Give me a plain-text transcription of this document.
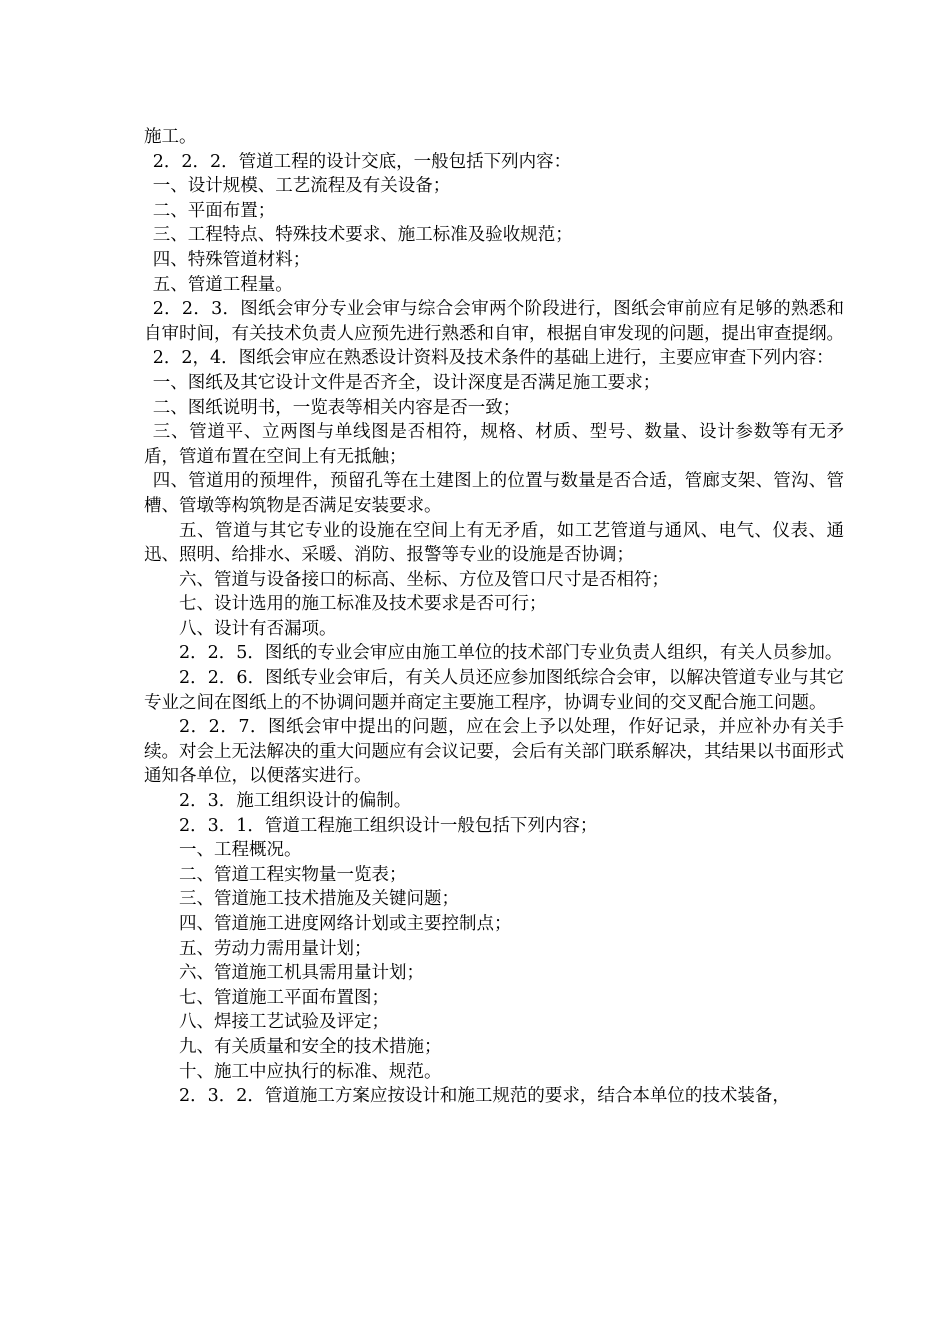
施工。

2．2．2．管道工程的设计交底，一般包括下列内容：

一、设计规模、工艺流程及有关设备；

二、平面布置；

三、工程特点、特殊技术要求、施工标准及验收规范；

四、特殊管道材料；

五、管道工程量。

2．2．3．图纸会审分专业会审与综合会审两个阶段进行，图纸会审前应有足够的熟悉和自审时间，有关技术负责人应预先进行熟悉和自审，根据自审发现的问题，提出审查提纲。

2．2，4．图纸会审应在熟悉设计资料及技术条件的基础上进行，主要应审查下列内容：

一、图纸及其它设计文件是否齐全，设计深度是否满足施工要求；

二、图纸说明书，一览表等相关内容是否一致；

三、管道平、立两图与单线图是否相符，规格、材质、型号、数量、设计参数等有无矛盾，管道布置在空间上有无抵触；

四、管道用的预埋件，预留孔等在土建图上的位置与数量是否合适，管廊支架、管沟、管槽、管墩等构筑物是否满足安装要求。

五、管道与其它专业的设施在空间上有无矛盾，如工艺管道与通风、电气、仪表、通迅、照明、给排水、采暖、消防、报警等专业的设施是否协调；

六、管道与设备接口的标高、坐标、方位及管口尺寸是否相符；

七、设计选用的施工标准及技术要求是否可行；

八、设计有否漏项。

2．2．5．图纸的专业会审应由施工单位的技术部门专业负责人组织，有关人员参加。

2．2．6．图纸专业会审后，有关人员还应参加图纸综合会审，以解决管道专业与其它专业之间在图纸上的不协调问题并商定主要施工程序，协调专业间的交叉配合施工问题。

2．2．7．图纸会审中提出的问题，应在会上予以处理，作好记录，并应补办有关手续。对会上无法解决的重大问题应有会议记要，会后有关部门联系解决，其结果以书面形式通知各单位，以便落实进行。

2．3．施工组织设计的偏制。

2．3．1．管道工程施工组织设计一般包括下列内容；

一、工程概况。

二、管道工程实物量一览表；

三、管道施工技术措施及关键问题；

四、管道施工进度网络计划或主要控制点；

五、劳动力需用量计划；

六、管道施工机具需用量计划；

七、管道施工平面布置图；

八、焊接工艺试验及评定；

九、有关质量和安全的技术措施；

十、施工中应执行的标准、规范。

2．3．2．管道施工方案应按设计和施工规范的要求，结合本单位的技术装备，
